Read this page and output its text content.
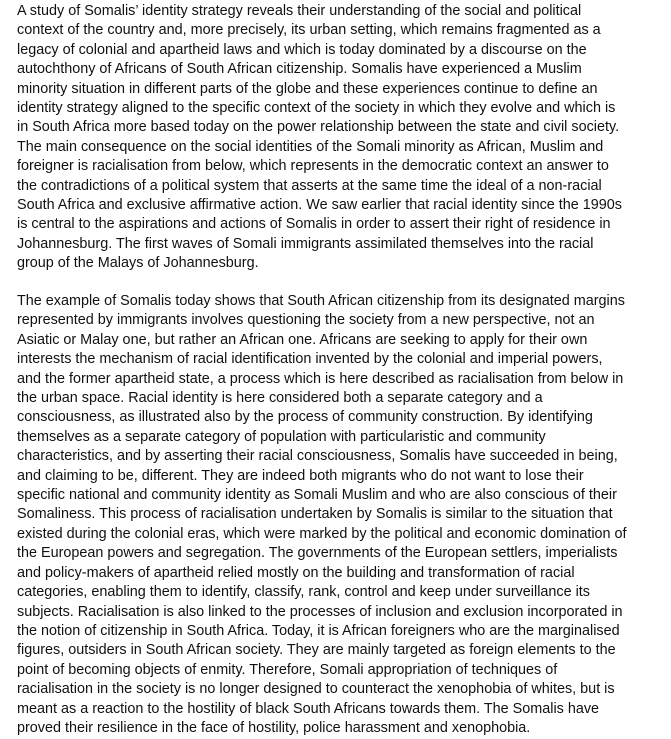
A study of Somalis’ identity strategy reveals their understanding of the social and political
context of the country and, more precisely, its urban setting, which remains fragmented as a
legacy of colonial and apartheid laws and which is today dominated by a discourse on the
autochthony of Africans of South African citizenship. Somalis have experienced a Muslim
minority situation in different parts of the globe and these experiences continue to define an
identity strategy aligned to the specific context of the society in which they evolve and which is
in South Africa more based today on the power relationship between the state and civil society.
The main consequence on the social identities of the Somali minority as African, Muslim and
foreigner is racialisation from below, which represents in the democratic context an answer to
the contradictions of a political system that asserts at the same time the ideal of a non-racial
South Africa and exclusive affirmative action. We saw earlier that racial identity since the 1990s
is central to the aspirations and actions of Somalis in order to assert their right of residence in
Johannesburg. The first waves of Somali immigrants assimilated themselves into the racial
group of the Malays of Johannesburg.

The example of Somalis today shows that South African citizenship from its designated margins
represented by immigrants involves questioning the society from a new perspective, not an
Asiatic or Malay one, but rather an African one. Africans are seeking to apply for their own
interests the mechanism of racial identification invented by the colonial and imperial powers,
and the former apartheid state, a process which is here described as racialisation from below in
the urban space. Racial identity is here considered both a separate category and a
consciousness, as illustrated also by the process of community construction. By identifying
themselves as a separate category of population with particularistic and community
characteristics, and by asserting their racial consciousness, Somalis have succeeded in being,
and claiming to be, different. They are indeed both migrants who do not want to lose their
specific national and community identity as Somali Muslim and who are also conscious of their
Somaliness. This process of racialisation undertaken by Somalis is similar to the situation that
existed during the colonial eras, which were marked by the political and economic domination of
the European powers and segregation. The governments of the European settlers, imperialists
and policy-makers of apartheid relied mostly on the building and transformation of racial
categories, enabling them to identify, classify, rank, control and keep under surveillance its
subjects. Racialisation is also linked to the processes of inclusion and exclusion incorporated in
the notion of citizenship in South Africa. Today, it is African foreigners who are the marginalised
figures, outsiders in South African society. They are mainly targeted as foreign elements to the
point of becoming objects of enmity. Therefore, Somali appropriation of techniques of
racialisation in the society is no longer designed to counteract the xenophobia of whites, but is
meant as a reaction to the hostility of black South Africans towards them. The Somalis have
proved their resilience in the face of hostility, police harassment and xenophobia.
